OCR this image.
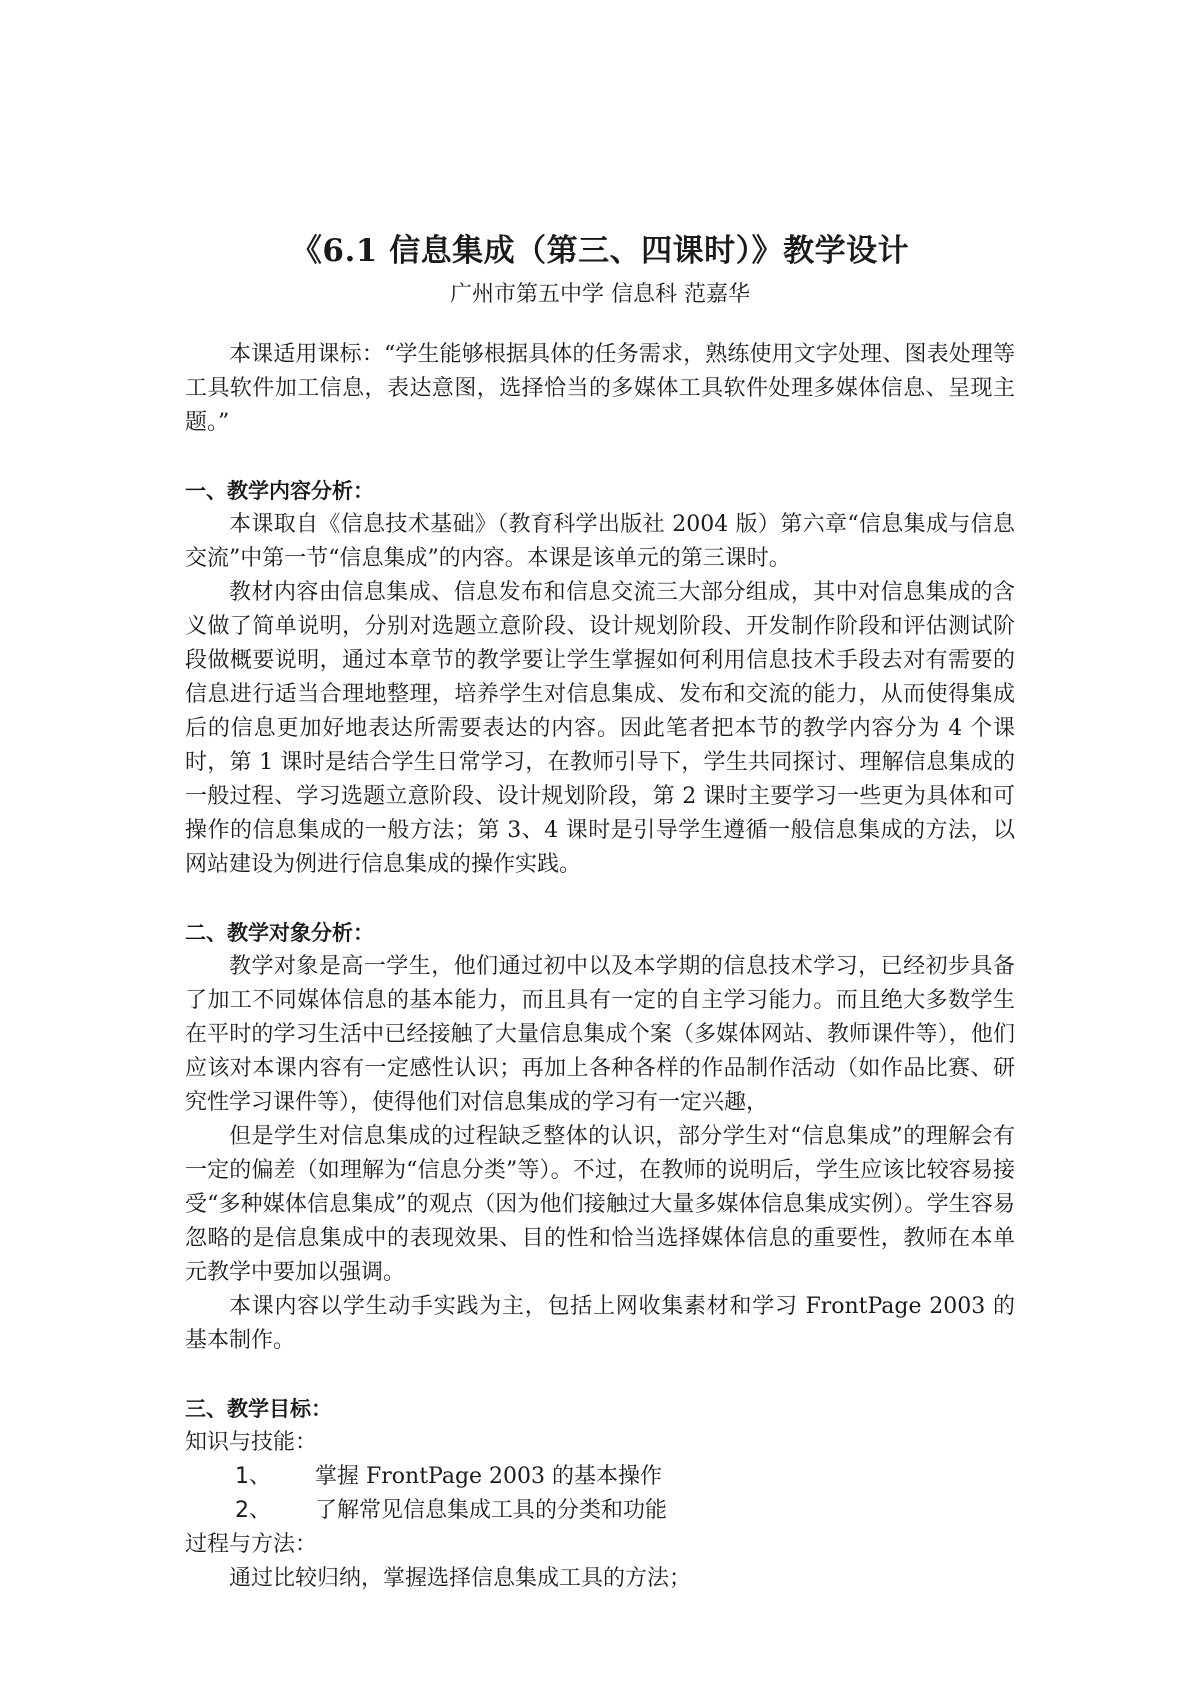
《6.1 信息集成（第三、四课时）》教学设计
广州市第五中学 信息科 范嘉华

本课适用课标：“学生能够根据具体的任务需求，熟练使用文字处理、图表处理等工具软件加工信息，表达意图，选择恰当的多媒体工具软件处理多媒体信息、呈现主题。”

一、教学内容分析：

本课取自《信息技术基础》（教育科学出版社 2004 版）第六章“信息集成与信息交流”中第一节“信息集成”的内容。本课是该单元的第三课时。

教材内容由信息集成、信息发布和信息交流三大部分组成，其中对信息集成的含义做了简单说明，分别对选题立意阶段、设计规划阶段、开发制作阶段和评估测试阶段做概要说明，通过本章节的教学要让学生掌握如何利用信息技术手段去对有需要的信息进行适当合理地整理，培养学生对信息集成、发布和交流的能力，从而使得集成后的信息更加好地表达所需要表达的内容。因此笔者把本节的教学内容分为 4 个课时，第 1 课时是结合学生日常学习，在教师引导下，学生共同探讨、理解信息集成的一般过程、学习选题立意阶段、设计规划阶段，第 2 课时主要学习一些更为具体和可操作的信息集成的一般方法；第 3、4 课时是引导学生遵循一般信息集成的方法，以网站建设为例进行信息集成的操作实践。

二、教学对象分析：

教学对象是高一学生，他们通过初中以及本学期的信息技术学习，已经初步具备了加工不同媒体信息的基本能力，而且具有一定的自主学习能力。而且绝大多数学生在平时的学习生活中已经接触了大量信息集成个案（多媒体网站、教师课件等），他们应该对本课内容有一定感性认识；再加上各种各样的作品制作活动（如作品比赛、研究性学习课件等），使得他们对信息集成的学习有一定兴趣，

但是学生对信息集成的过程缺乏整体的认识，部分学生对“信息集成”的理解会有一定的偏差（如理解为“信息分类”等）。不过，在教师的说明后，学生应该比较容易接受“多种媒体信息集成”的观点（因为他们接触过大量多媒体信息集成实例）。学生容易忽略的是信息集成中的表现效果、目的性和恰当选择媒体信息的重要性，教师在本单元教学中要加以强调。

本课内容以学生动手实践为主，包括上网收集素材和学习 FrontPage 2003 的基本制作。

三、教学目标：

知识与技能：

1、 掌握 FrontPage 2003 的基本操作
2、 了解常见信息集成工具的分类和功能

过程与方法：

通过比较归纳，掌握选择信息集成工具的方法；
